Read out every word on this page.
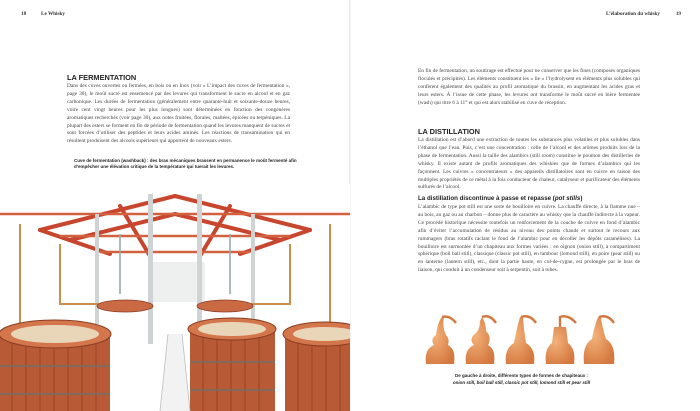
18	Le Whisky
LA FERMENTATION

Dans des cuves ouvertes ou fermées, en bois ou en Inox (voir « L’impact des cuves de fermentation », page 30), le moût sucré est ensemencé par des levures qui transforment le sucre en alcool et en gaz carbonique. Les durées de fermentation (généralement entre quarante-huit et soixante-douze heures, voire cent vingt heures pour les plus longues) sont déterminées en fonction des congénères aromatiques recherchés (voir page 30), aux notes fruitées, florales, maltées, épicées ou terpéniques. La plupart des esters se forment en fin de période de fermentation quand les levures manquent de sucres et sont forcées d’utiliser des peptides et leurs acides aminés. Les réactions de transamination qui en résultent produisent des alcools supérieurs qui apportent de nouveaux esters.

Cuve de fermentation (washback) : des bras mécaniques brassent en permanence le moût fermenté afin d’empêcher une élévation critique de la température qui tuerait les levures.

L’élaboration du whisky	19

En fin de fermentation, un soutirage est effectué pour ne conserver que les fines (composés organiques floculés et précipités). Les éléments constituent les « lie » l’hydrolysent en éléments plus solubles qui confèrent également des qualités au profil aromatique du brassin, en augmentant les acides gras et leurs esters. À l’issue de cette phase, les levures ont transformé le moût sucré en bière fermentée (wash) qui titre 6 à 11° et qui est alors stabilisé en cuve de réception.

LA DISTILLATION

La distillation est d’abord une extraction de toutes les substances plus volatiles et plus solubles dans l’éthanol que l’eau. Puis, c’est une concentration : celle de l’alcool et des arômes produits lors de la phase de fermentation. Aussi la taille des alambics (still room) constitue le poumon des distilleries de whisky. Il existe autant de profils aromatiques des whiskies que de formes d’alambics qui les façonnent. Les cuivres « concentrateurs » des appareils distillatoires sont en cuivre en raison des multiples propriétés de ce métal à la fois conducteur de chaleur, catalyseur et purificateur des éléments sulfurés de l’alcool.

La distillation discontinue à passe et repasse (pot stills)

L’alambic de type pot still est une sorte de bouilloire en cuivre. La chauffe directe, à la flamme nue – au bois, au gaz ou au charbon – donne plus de caractère au whisky que la chauffe indirecte à la vapeur. Ce procédé historique nécessite toutefois un renforcement de la couche de cuivre en fond d’alambic afin d’éviter l’accumulation de résidus au niveau des points chauds et surtout le recours aux rummagers (bras rotatifs raclant le fond de l’alambic pour en décoller les dépôts caramélisés). La bouilloire est surmontée d’un chapiteau aux formes variées : en oignon (onion still), à compartiment sphérique (boil ball still), classique (classic pot still), en tambour (lomond still), en poire (pear still) ou en lanterne (lantern still), etc., dont la partie haute, en col-de-cygne, est prolongée par le bras de liaison, qui conduit à un condenseur soit à serpentin, soit à tubes.

De gauche à droite, différents types de formes de chapiteaux :

onion still, boil ball still, classic pot still, lomond still et pear still
